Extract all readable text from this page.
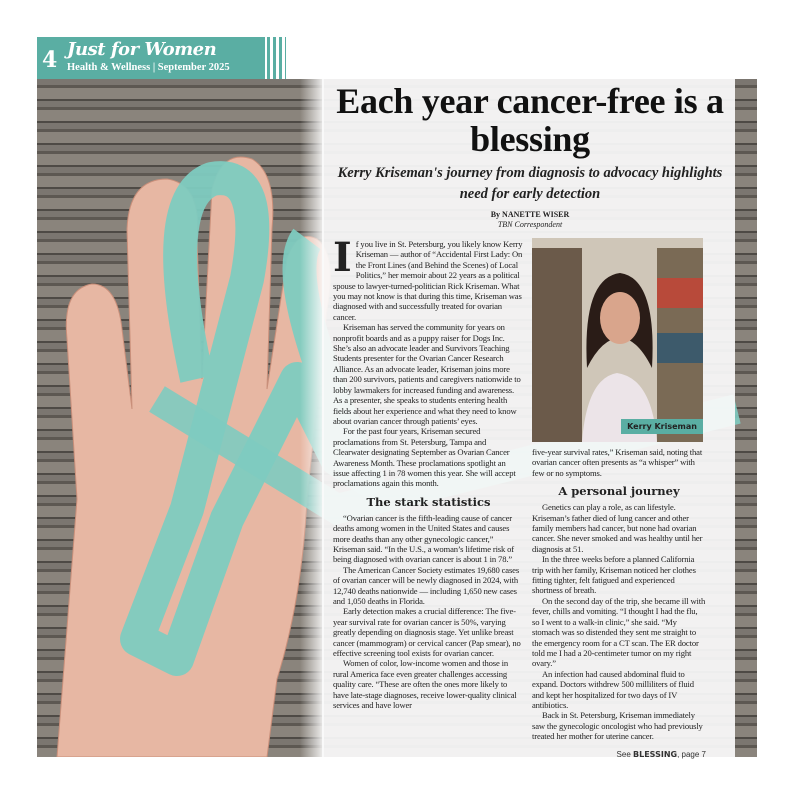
4 Just for Women
Health & Wellness | September 2025
Each year cancer-free is a blessing
Kerry Kriseman's journey from diagnosis to advocacy highlights need for early detection
By NANETTE WISER
TBN Correspondent

If you live in St. Petersburg, you likely know Kerry Kriseman — author of “Accidental First Lady: On the Front Lines (and Behind the Scenes) of Local Politics,” her memoir about 22 years as a political spouse to lawyer-turned-politician Rick Kriseman. What you may not know is that during this time, Kriseman was diagnosed with and successfully treated for ovarian cancer.

Kriseman has served the community for years on nonprofit boards and as a puppy raiser for Dogs Inc. She’s also an advocate leader and Survivors Teaching Students presenter for the Ovarian Cancer Research Alliance. As an advocate leader, Kriseman joins more than 200 survivors, patients and caregivers nationwide to lobby lawmakers for increased funding and awareness. As a presenter, she speaks to students entering health fields about her experience and what they need to know about ovarian cancer through patients’ eyes.

For the past four years, Kriseman secured proclamations from St. Petersburg, Tampa and Clearwater designating September as Ovarian Cancer Awareness Month. These proclamations spotlight an issue affecting 1 in 78 women this year. She will accept proclamations again this month.

The stark statistics

“Ovarian cancer is the fifth-leading cause of cancer deaths among women in the United States and causes more deaths than any other gynecologic cancer,” Kriseman said. “In the U.S., a woman’s lifetime risk of being diagnosed with ovarian cancer is about 1 in 78.”

The American Cancer Society estimates 19,680 cases of ovarian cancer will be newly diagnosed in 2024, with 12,740 deaths nationwide — including 1,650 new cases and 1,050 deaths in Florida.

Early detection makes a crucial difference: The five-year survival rate for ovarian cancer is 50%, varying greatly depending on diagnosis stage. Yet unlike breast cancer (mammogram) or cervical cancer (Pap smear), no effective screening tool exists for ovarian cancer.

Women of color, low-income women and those in rural America face even greater challenges accessing quality care. “These are often the ones more likely to have late-stage diagnoses, receive lower-quality clinical services and have lower

Kerry Kriseman

five-year survival rates,” Kriseman said, noting that ovarian cancer often presents as “a whisper” with few or no symptoms.

A personal journey

Genetics can play a role, as can lifestyle. Kriseman’s father died of lung cancer and other family members had cancer, but none had ovarian cancer. She never smoked and was healthy until her diagnosis at 51.

In the three weeks before a planned California trip with her family, Kriseman noticed her clothes fitting tighter, felt fatigued and experienced shortness of breath.

On the second day of the trip, she became ill with fever, chills and vomiting. “I thought I had the flu, so I went to a walk-in clinic,” she said. “My stomach was so distended they sent me straight to the emergency room for a CT scan. The ER doctor told me I had a 20-centimeter tumor on my right ovary.”

An infection had caused abdominal fluid to expand. Doctors withdrew 500 milliliters of fluid and kept her hospitalized for two days of IV antibiotics.

Back in St. Petersburg, Kriseman immediately saw the gynecologic oncologist who had previously treated her mother for uterine cancer.

See BLESSING, page 7
